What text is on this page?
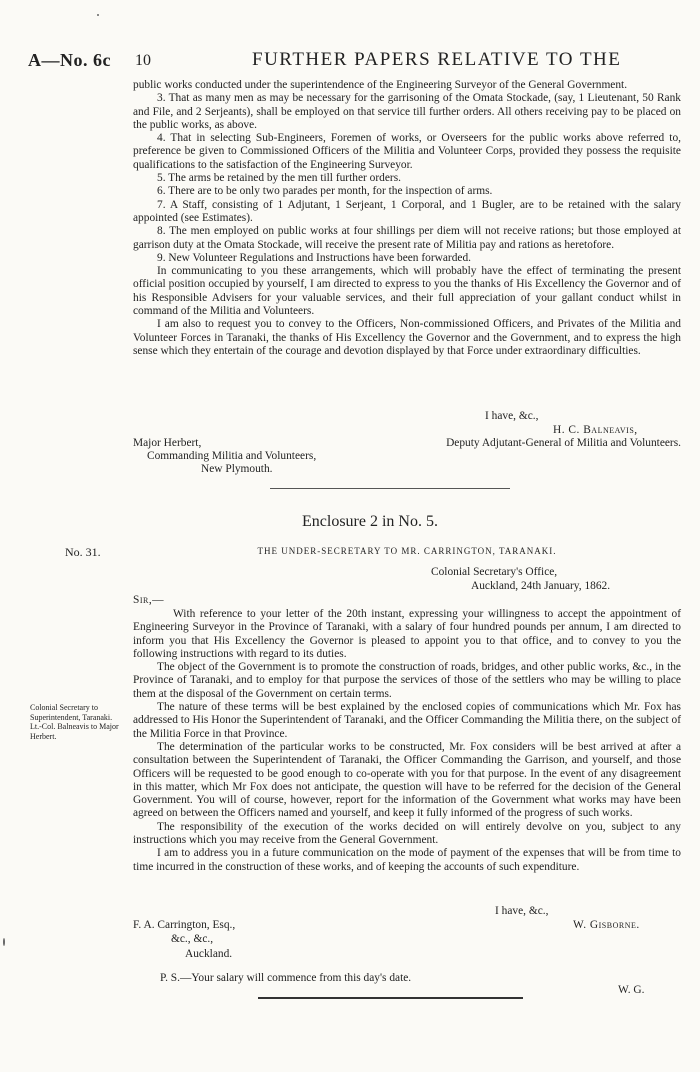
A—No. 6c 10	FURTHER PAPERS RELATIVE TO THE

public works conducted under the superintendence of the Engineering Surveyor of the General Government.

3. That as many men as may be necessary for the garrisoning of the Omata Stockade, (say, 1 Lieutenant, 50 Rank and File, and 2 Serjeants), shall be employed on that service till further orders. All others receiving pay to be placed on the public works, as above.

4. That in selecting Sub-Engineers, Foremen of works, or Overseers for the public works above referred to, preference be given to Commissioned Officers of the Militia and Volunteer Corps, provided they possess the requisite qualifications to the satisfaction of the Engineering Surveyor.

5. The arms be retained by the men till further orders.

6. There are to be only two parades per month, for the inspection of arms.

7. A Staff, consisting of 1 Adjutant, 1 Serjeant, 1 Corporal, and 1 Bugler, are to be retained with the salary appointed (see Estimates).

8. The men employed on public works at four shillings per diem will not receive rations; but those employed at garrison duty at the Omata Stockade, will receive the present rate of Militia pay and rations as heretofore.

9. New Volunteer Regulations and Instructions have been forwarded.

In communicating to you these arrangements, which will probably have the effect of terminating the present official position occupied by yourself, I am directed to express to you the thanks of His Excellency the Governor and of his Responsible Advisers for your valuable services, and their full appreciation of your gallant conduct whilst in command of the Militia and Volunteers.

I am also to request you to convey to the Officers, Non-commissioned Officers, and Privates of the Militia and Volunteer Forces in Taranaki, the thanks of His Excellency the Governor and the Government, and to express the high sense which they entertain of the courage and devotion displayed by that Force under extraordinary difficulties.

I have, &c.,
H. C. Balneavis,
Major Herbert,	Deputy Adjutant-General of Militia and Volunteers.
Commanding Militia and Volunteers,
New Plymouth.
Enclosure 2 in No. 5.
No. 31.	THE UNDER-SECRETARY TO MR. CARRINGTON, TARANAKI.
Colonial Secretary's Office,
Auckland, 24th January, 1862.
Sir,—

With reference to your letter of the 20th instant, expressing your willingness to accept the appointment of Engineering Surveyor in the Province of Taranaki, with a salary of four hundred pounds per annum, I am directed to inform you that His Excellency the Governor is pleased to appoint you to that office, and to convey to you the following instructions with regard to its duties.

The object of the Government is to promote the construction of roads, bridges, and other public works, &c., in the Province of Taranaki, and to employ for that purpose the services of those of the settlers who may be willing to place them at the disposal of the Government on certain terms.

The nature of these terms will be best explained by the enclosed copies of communications which Mr. Fox has addressed to His Honor the Superintendent of Taranaki, and the Officer Commanding the Militia there, on the subject of the Militia Force in that Province.

The determination of the particular works to be constructed, Mr. Fox considers will be best arrived at after a consultation between the Superintendent of Taranaki, the Officer Commanding the Garrison, and yourself, and those Officers will be requested to be good enough to co-operate with you for that purpose. In the event of any disagreement in this matter, which Mr Fox does not anticipate, the question will have to be referred for the decision of the General Government. You will of course, however, report for the information of the Government what works may have been agreed on between the Officers named and yourself, and keep it fully informed of the progress of such works.

The responsibility of the execution of the works decided on will entirely devolve on you, subject to any instructions which you may receive from the General Government.

I am to address you in a future communication on the mode of payment of the expenses that will be from time to time incurred in the construction of these works, and of keeping the accounts of such expenditure.

Colonial Secretary to Superintendent, Taranaki.
Lt.-Col. Balneavis to Major Herbert.
I have, &c.,
F. A. Carrington, Esq.,	W. Gisborne.
&c., &c.,
Auckland.
P. S.—Your salary will commence from this day's date.
W. G.
